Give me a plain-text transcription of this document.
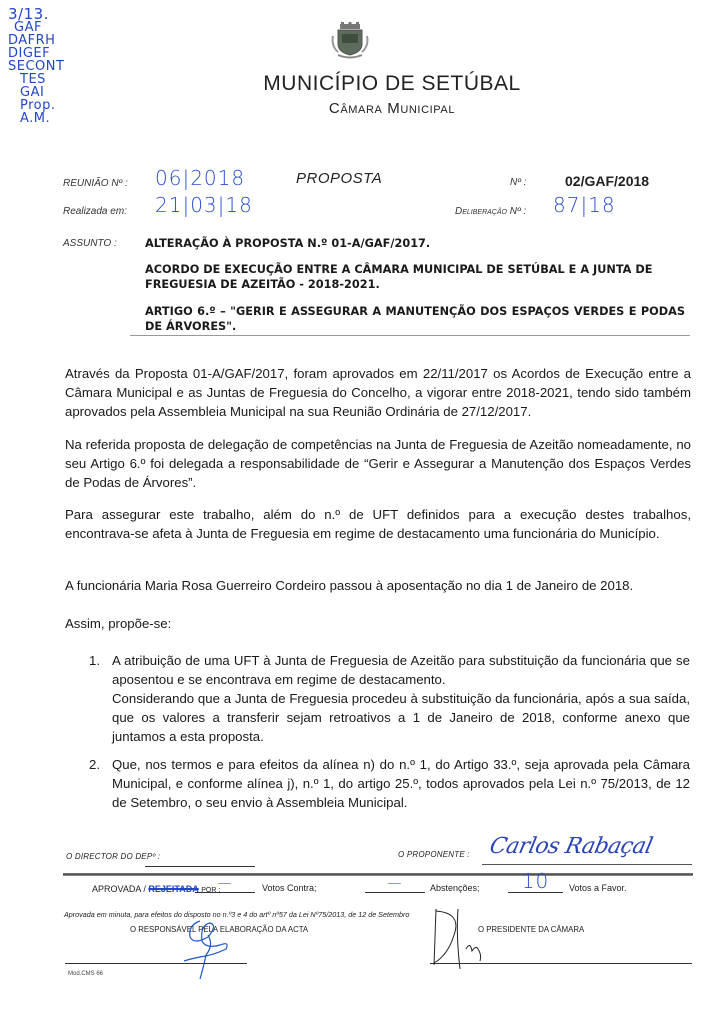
3/13.
GAF
DAFRH
DIGEF
SECONT
TES
GAI
Prop.
A.M.
MUNICÍPIO DE SETÚBAL
Câmara Municipal
REUNIÃO Nº : 06|2018	PROPOSTA	Nº :	02/GAF/2018
Realizada em: 21|03|18	Deliberação Nº : 87|18
ASSUNTO :	ALTERAÇÃO À PROPOSTA N.º 01-A/GAF/2017.
ACORDO DE EXECUÇÃO ENTRE A CÂMARA MUNICIPAL DE SETÚBAL E A JUNTA DE FREGUESIA DE AZEITÃO - 2018-2021.
ARTIGO 6.º – "GERIR E ASSEGURAR A MANUTENÇÃO DOS ESPAÇOS VERDES E PODAS DE ÁRVORES".
Através da Proposta 01-A/GAF/2017, foram aprovados em 22/11/2017 os Acordos de Execução entre a Câmara Municipal e as Juntas de Freguesia do Concelho, a vigorar entre 2018-2021, tendo sido também aprovados pela Assembleia Municipal na sua Reunião Ordinária de 27/12/2017.
Na referida proposta de delegação de competências na Junta de Freguesia de Azeitão nomeadamente, no seu Artigo 6.º foi delegada a responsabilidade de “Gerir e Assegurar a Manutenção dos Espaços Verdes de Podas de Árvores”.
Para assegurar este trabalho, além do n.º de UFT definidos para a execução destes trabalhos, encontrava-se afeta à Junta de Freguesia em regime de destacamento uma funcionária do Município.
A funcionária Maria Rosa Guerreiro Cordeiro passou à aposentação no dia 1 de Janeiro de 2018.
Assim, propõe-se:
1. A atribuição de uma UFT à Junta de Freguesia de Azeitão para substituição da funcionária que se aposentou e se encontrava em regime de destacamento.
Considerando que a Junta de Freguesia procedeu à substituição da funcionária, após a sua saída, que os valores a transferir sejam retroativos a 1 de Janeiro de 2018, conforme anexo que juntamos a esta proposta.
2. Que, nos termos e para efeitos da alínea n) do n.º 1, do Artigo 33.º, seja aprovada pela Câmara Municipal, e conforme alínea j), n.º 1, do artigo 25.º, todos aprovados pela Lei n.º 75/2013, de 12 de Setembro, o seu envio à Assembleia Municipal.
O DIRECTOR DO DEPº :	O PROPONENTE : Carlos Rabaçal
APROVADA / REJEITADA POR :
—	Votos Contra;	—	Abstenções;	10	Votos a Favor.
Aprovada em minuta, para efeitos do disposto no n.º3 e 4 do artº nº57 da Lei Nº75/2013, de 12 de Setembro
O RESPONSÁVEL PELA ELABORAÇÃO DA ACTA	O PRESIDENTE DA CÂMARA
Mod.CMS 66
